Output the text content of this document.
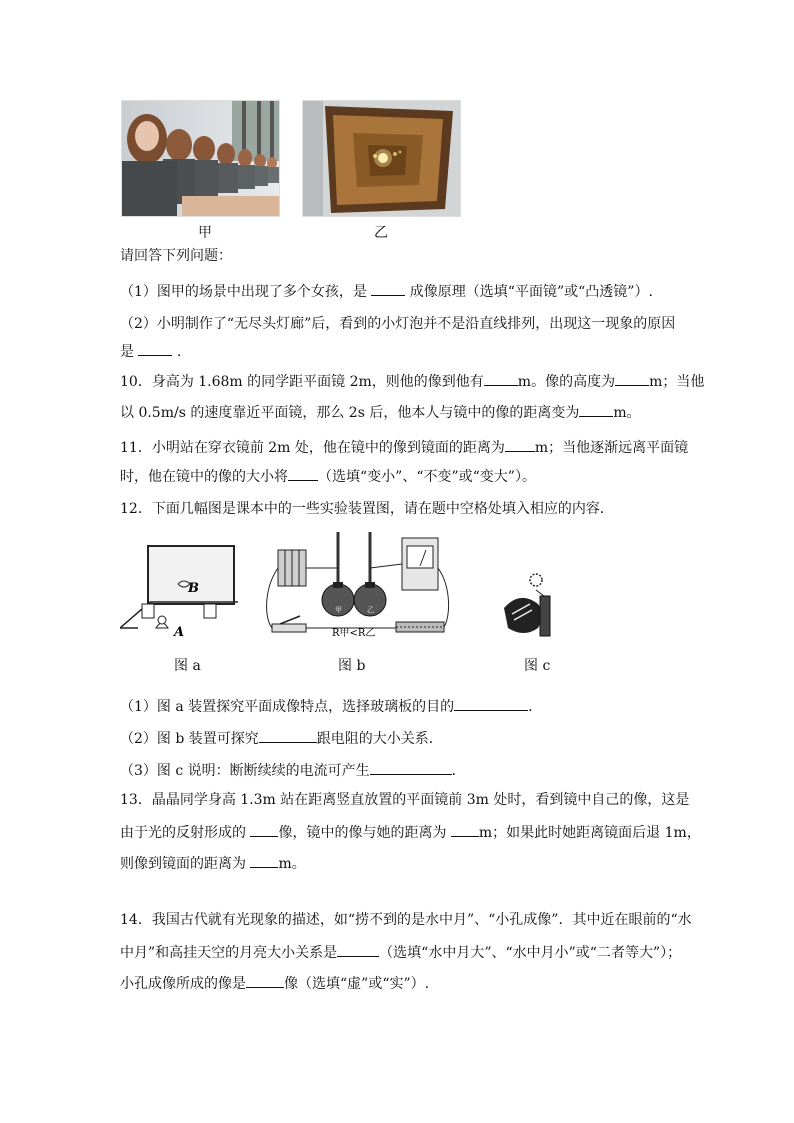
甲	乙
请回答下列问题：
（1）图甲的场景中出现了多个女孩，是  成像原理（选填“平面镜”或“凸透镜”）.
（2）小明制作了“无尽头灯廊”后，看到的小灯泡并不是沿直线排列，出现这一现象的原因
是  .
10．身高为 1.68m 的同学距平面镜 2m，则他的像到他有 m。像的高度为 m；当他
以 0.5m/s 的速度靠近平面镜，那么 2s 后，他本人与镜中的像的距离变为 m。
11．小明站在穿衣镜前 2m 处，他在镜中的像到镜面的距离为 m；当他逐渐远离平面镜
时，他在镜中的像的大小将 （选填“变小”、“不变”或“变大”）。
12．下面几幅图是课本中的一些实验装置图，请在题中空格处填入相应的内容．
B
A
图 a
甲	乙
R甲<R乙
图 b	图 c
（1）图 a 装置探究平面成像特点，选择玻璃板的目的	．
（2）图 b 装置可探究	跟电阻的大小关系．
（3）图 c 说明：断断续续的电流可产生	．
13．晶晶同学身高 1.3m 站在距离竖直放置的平面镜前 3m 处时，看到镜中自己的像，这是
由于光的反射形成的 像，镜中的像与她的距离为 m；如果此时她距离镜面后退 1m，
则像到镜面的距离为 m。
14．我国古代就有光现象的描述，如“捞不到的是水中月”、“小孔成像”．其中近在眼前的“水
中月”和高挂天空的月亮大小关系是	（选填“水中月大”、“水中月小”或“二者等大”）；
小孔成像所成的像是	像（选填“虚”或“实”）.
